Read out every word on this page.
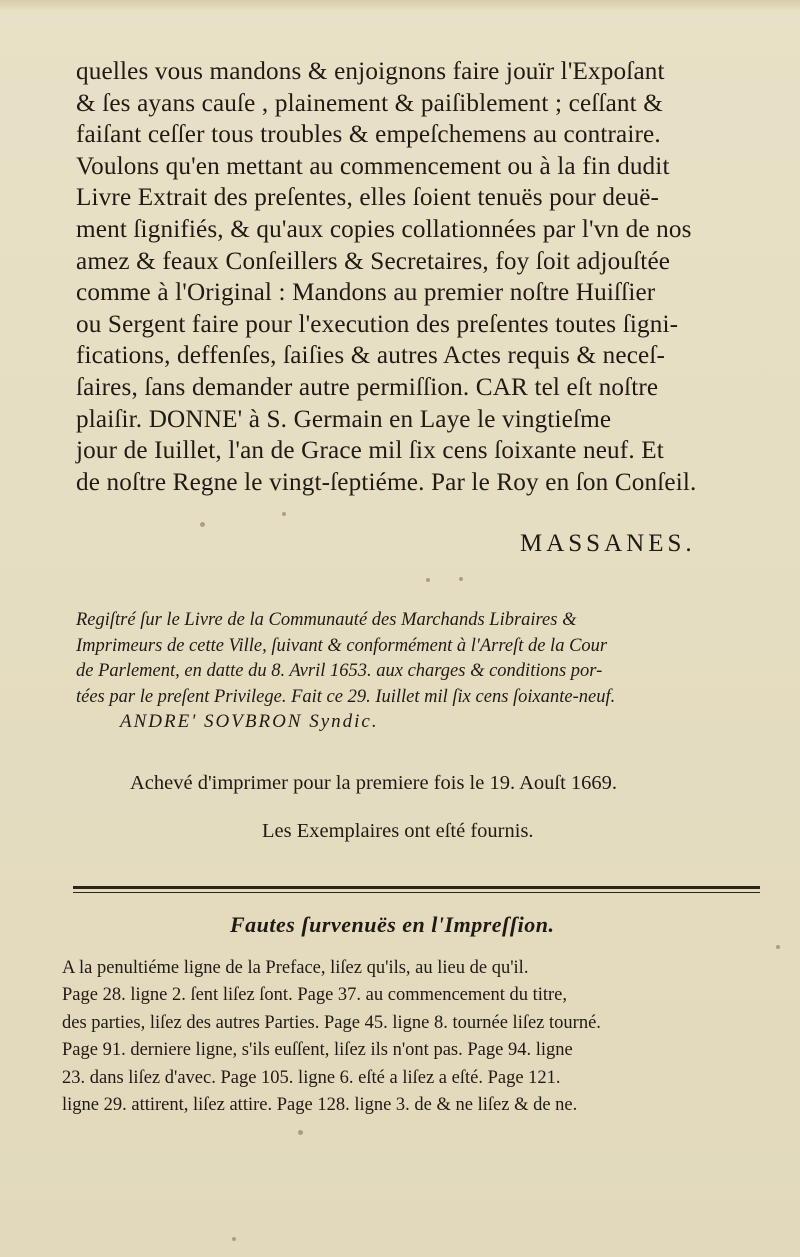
quelles vous mandons & enjoignons faire jouïr l'Expoſant

& ſes ayans cauſe , plainement & paiſiblement ; ceſſant &

faiſant ceſſer tous troubles & empeſchemens au contraire.

Voulons qu'en mettant au commencement ou à la fin dudit

Livre Extrait des preſentes, elles ſoient tenuës pour deuë-

ment ſignifiés, & qu'aux copies collationnées par l'vn de nos

amez & feaux Conſeillers & Secretaires, foy ſoit adjouſtée

comme à l'Original : Mandons au premier noſtre Huiſſier

ou Sergent faire pour l'execution des preſentes toutes ſigni-

fications, deffenſes, ſaiſies & autres Actes requis & neceſ-

ſaires, ſans demander autre permiſſion. CAR tel eſt noſtre

plaiſir. DONNE' à S. Germain en Laye le vingtieſme

jour de Iuillet, l'an de Grace mil ſix cens ſoixante neuf. Et

de noſtre Regne le vingt-ſeptiéme. Par le Roy en ſon Conſeil.

MASSANES.

Regiſtré ſur le Livre de la Communauté des Marchands Libraires &

Imprimeurs de cette Ville, ſuivant & conformément à l'Arreſt de la Cour

de Parlement, en datte du 8. Avril 1653. aux charges & conditions por-

tées par le preſent Privilege. Fait ce 29. Iuillet mil ſix cens ſoixante-neuf.

ANDRE' SOVBRON Syndic.
Achevé d'imprimer pour la premiere fois le 19. Aouſt 1669.
Les Exemplaires ont eſté fournis.
Fautes ſurvenuës en l'Impreſſion.

A la penultiéme ligne de la Preface, liſez qu'ils, au lieu de qu'il.

Page 28. ligne 2. ſent liſez ſont. Page 37. au commencement du titre,

des parties, liſez des autres Parties. Page 45. ligne 8. tournée liſez tourné.

Page 91. derniere ligne, s'ils euſſent, liſez ils n'ont pas. Page 94. ligne

23. dans liſez d'avec. Page 105. ligne 6. eſté a liſez a eſté. Page 121.

ligne 29. attirent, liſez attire. Page 128. ligne 3. de & ne liſez & de ne.
